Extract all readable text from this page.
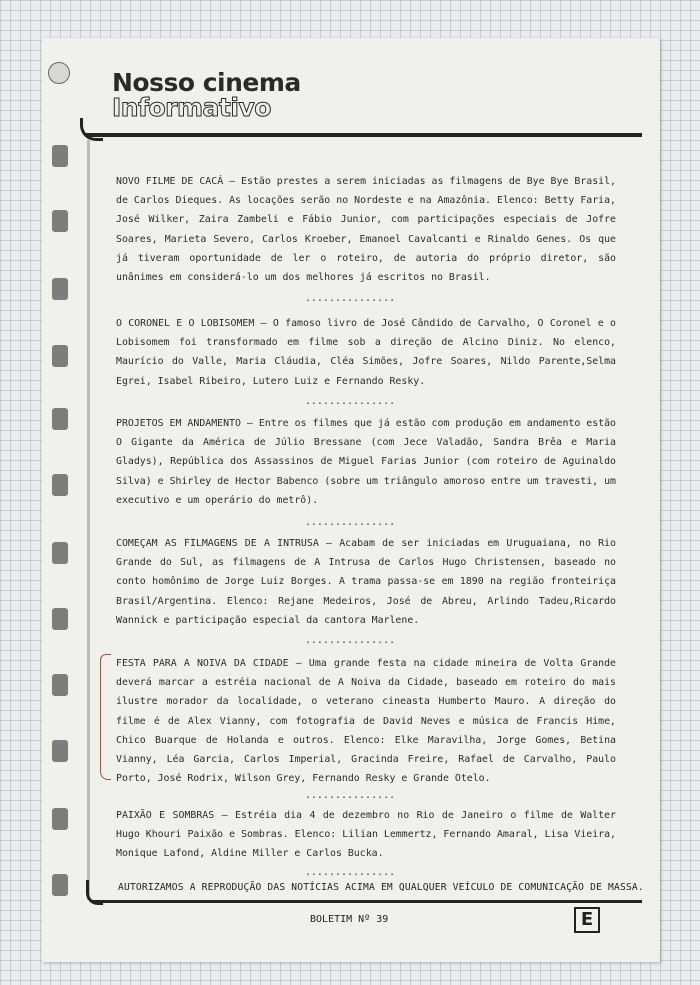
Nosso cinema
Informativo

NOVO FILME DE CACÁ – Estão prestes a serem iniciadas as filmagens de Bye Bye Brasil, de Carlos Dieques. As locações serão no Nordeste e na Amazônia. Elenco: Betty Faria, José Wilker, Zaira Zambeli e Fábio Junior, com participações especiais de Jofre Soares, Marieta Severo, Carlos Kroeber, Emanoel Cavalcanti e Rinaldo Genes. Os que já tiveram oportunidade de ler o roteiro, de autoria do próprio diretor, são unânimes em considerá-lo um dos melhores já escritos no Brasil.

...............

O CORONEL E O LOBISOMEM – O famoso livro de José Cândido de Carvalho, O Coronel e o Lobisomem foi transformado em filme sob a direção de Alcino Diniz. No elenco, Maurício do Valle, Maria Cláudia, Cléa Simões, Jofre Soares, Nildo Parente,Selma Egrei, Isabel Ribeiro, Lutero Luiz e Fernando Resky.

...............

PROJETOS EM ANDAMENTO – Entre os filmes que já estão com produção em andamento estão O Gigante da América de Júlio Bressane (com Jece Valadão, Sandra Brêa e Maria Gladys), República dos Assassinos de Miguel Farias Junior (com roteiro de Aguinaldo Silva) e Shirley de Hector Babenco (sobre um triângulo amoroso entre um travesti, um executivo e um operário do metrô).

...............

COMEÇAM AS FILMAGENS DE A INTRUSA – Acabam de ser iniciadas em Uruguaiana, no Rio Grande do Sul, as filmagens de A Intrusa de Carlos Hugo Christensen, baseado no conto homônimo de Jorge Luiz Borges. A trama passa-se em 1890 na região fronteiriça Brasil/Argentina. Elenco: Rejane Medeiros, José de Abreu, Arlindo Tadeu,Ricardo Wannick e participação especial da cantora Marlene.

...............

FESTA PARA A NOIVA DA CIDADE – Uma grande festa na cidade mineira de Volta Grande deverá marcar a estréia nacional de A Noiva da Cidade, baseado em roteiro do mais ilustre morador da localidade, o veterano cineasta Humberto Mauro. A direção do filme é de Alex Vianny, com fotografia de David Neves e música de Francis Hime, Chico Buarque de Holanda e outros. Elenco: Elke Maravilha, Jorge Gomes, Betina Vianny, Léa Garcia, Carlos Imperial, Gracinda Freire, Rafael de Carvalho, Paulo Porto, José Rodrix, Wilson Grey, Fernando Resky e Grande Otelo.

...............

PAIXÃO E SOMBRAS – Estréia dia 4 de dezembro no Rio de Janeiro o filme de Walter Hugo Khouri Paixão e Sombras. Elenco: Lilian Lemmertz, Fernando Amaral, Lisa Vieira, Monique Lafond, Aldine Miller e Carlos Bucka.

...............

AUTORIZAMOS A REPRODUÇÃO DAS NOTÍCIAS ACIMA EM QUALQUER VEÍCULO DE COMUNICAÇÃO DE MASSA.

BOLETIM Nº 39	E
